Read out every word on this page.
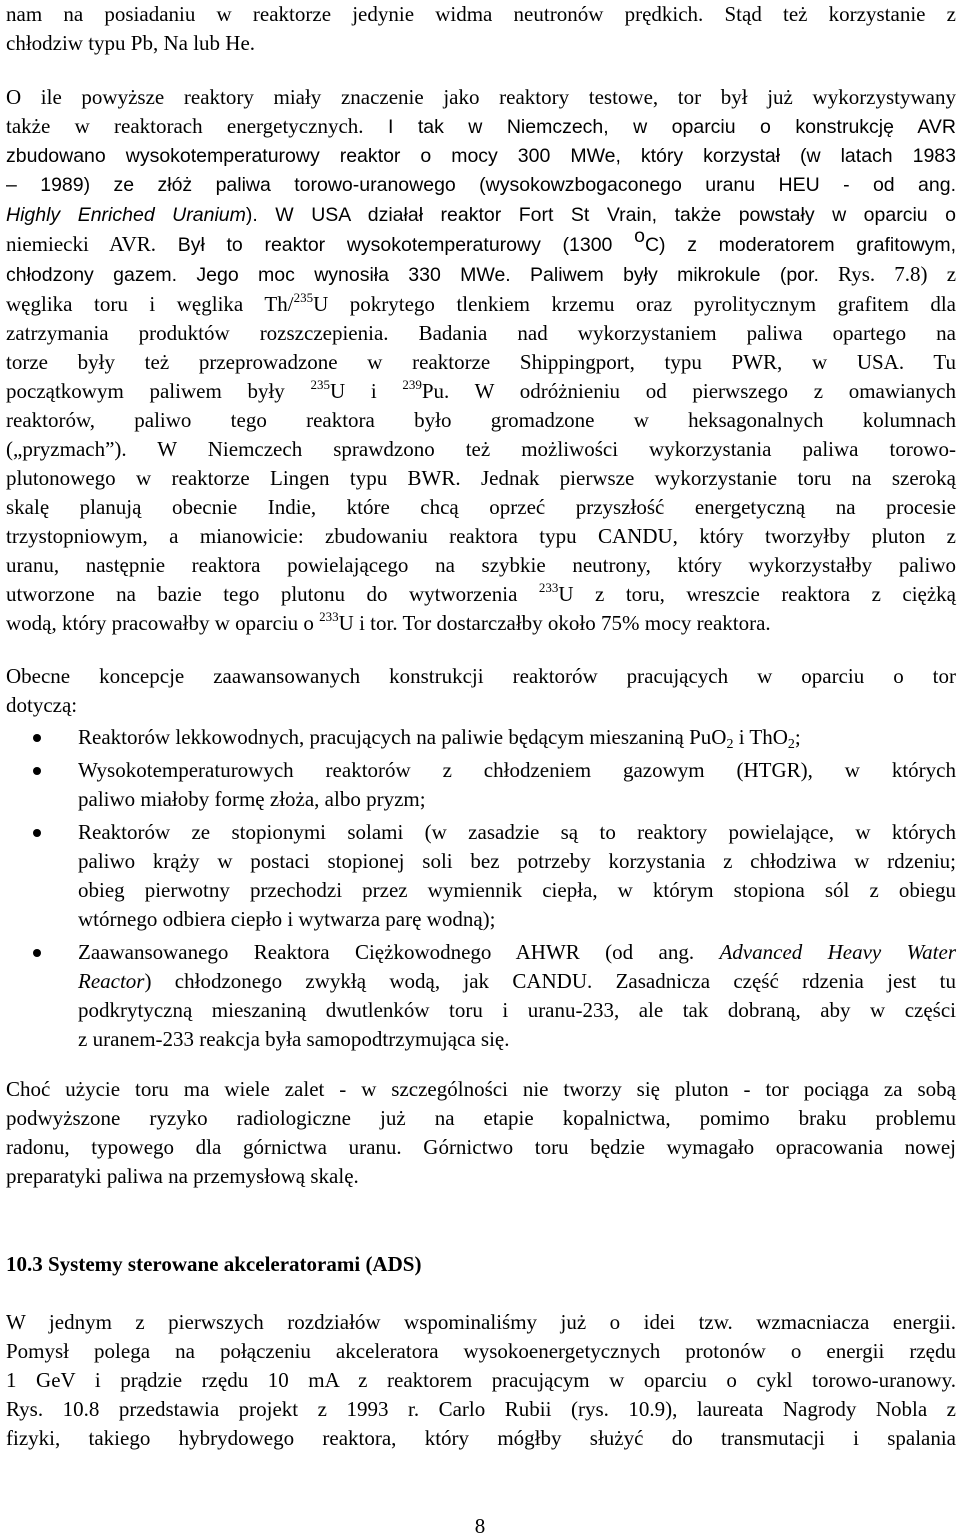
nam na posiadaniu w reaktorze jedynie widma neutronów prędkich. Stąd też korzystanie z
chłodziw typu Pb, Na lub He.
O ile powyższe reaktory miały znaczenie jako reaktory testowe, tor był już wykorzystywany
także w reaktorach energetycznych. I tak w Niemczech, w oparciu o konstrukcję AVR
zbudowano wysokotemperaturowy reaktor o mocy 300 MWe, który korzystał (w latach 1983
– 1989) ze złóż paliwa torowo-uranowego (wysokowzbogaconego uranu HEU - od ang.
Highly Enriched Uranium). W USA działał reaktor Fort St Vrain, także powstały w oparciu o
niemiecki AVR. Był to reaktor wysokotemperaturowy (1300 $^o$C) z moderatorem grafitowym,
chłodzony gazem. Jego moc wynosiła 330 MWe. Paliwem były mikrokule (por. Rys. 7.8) z
węglika toru i węglika Th/$^{235}$U pokrytego tlenkiem krzemu oraz pyrolitycznym grafitem dla
zatrzymania produktów rozszczepienia. Badania nad wykorzystaniem paliwa opartego na
torze były też przeprowadzone w reaktorze Shippingport, typu PWR, w USA. Tu
początkowym paliwem były $^{235}$U i $^{239}$Pu. W odróżnieniu od pierwszego z omawianych
reaktorów, paliwo tego reaktora było gromadzone w heksagonalnych kolumnach
(„pryzmach”). W Niemczech sprawdzono też możliwości wykorzystania paliwa torowo-
plutonowego w reaktorze Lingen typu BWR. Jednak pierwsze wykorzystanie toru na szeroką
skalę planują obecnie Indie, które chcą oprzeć przyszłość energetyczną na procesie
trzystopniowym, a mianowicie: zbudowaniu reaktora typu CANDU, który tworzyłby pluton z
uranu, następnie reaktora powielającego na szybkie neutrony, który wykorzystałby paliwo
utworzone na bazie tego plutonu do wytworzenia $^{233}$U z toru, wreszcie reaktora z ciężką
wodą, który pracowałby w oparciu o $^{233}$U i tor. Tor dostarczałby około 75% mocy reaktora.
Obecne koncepcje zaawansowanych konstrukcji reaktorów pracujących w oparciu o tor
dotyczą:
Reaktorów lekkowodnych, pracujących na paliwie będącym mieszaniną PuO$_2$ i ThO$_2$;
Wysokotemperaturowych reaktorów z chłodzeniem gazowym (HTGR), w których
paliwo miałoby formę złoża, albo pryzm;
Reaktorów ze stopionymi solami (w zasadzie są to reaktory powielające, w których
paliwo krąży w postaci stopionej soli bez potrzeby korzystania z chłodziwa w rdzeniu;
obieg pierwotny przechodzi przez wymiennik ciepła, w którym stopiona sól z obiegu
wtórnego odbiera ciepło i wytwarza parę wodną);
Zaawansowanego Reaktora Ciężkowodnego AHWR (od ang. Advanced Heavy Water
Reactor) chłodzonego zwykłą wodą, jak CANDU. Zasadnicza część rdzenia jest tu
podkrytyczną mieszaniną dwutlenków toru i uranu-233, ale tak dobraną, aby w części
z uranem-233 reakcja była samopodtrzymująca się.
Choć użycie toru ma wiele zalet - w szczególności nie tworzy się pluton - tor pociąga za sobą
podwyższone ryzyko radiologiczne już na etapie kopalnictwa, pomimo braku problemu
radonu, typowego dla górnictwa uranu. Górnictwo toru będzie wymagało opracowania nowej
preparatyki paliwa na przemysłową skalę.
10.3 Systemy sterowane akceleratorami (ADS)
W jednym z pierwszych rozdziałów wspominaliśmy już o idei tzw. wzmacniacza energii.
Pomysł polega na połączeniu akceleratora wysokoenergetycznych protonów o energii rzędu
1 GeV i prądzie rzędu 10 mA z reaktorem pracującym w oparciu o cykl torowo-uranowy.
Rys. 10.8 przedstawia projekt z 1993 r. Carlo Rubii (rys. 10.9), laureata Nagrody Nobla z
fizyki, takiego hybrydowego reaktora, który mógłby służyć do transmutacji i spalania
8
